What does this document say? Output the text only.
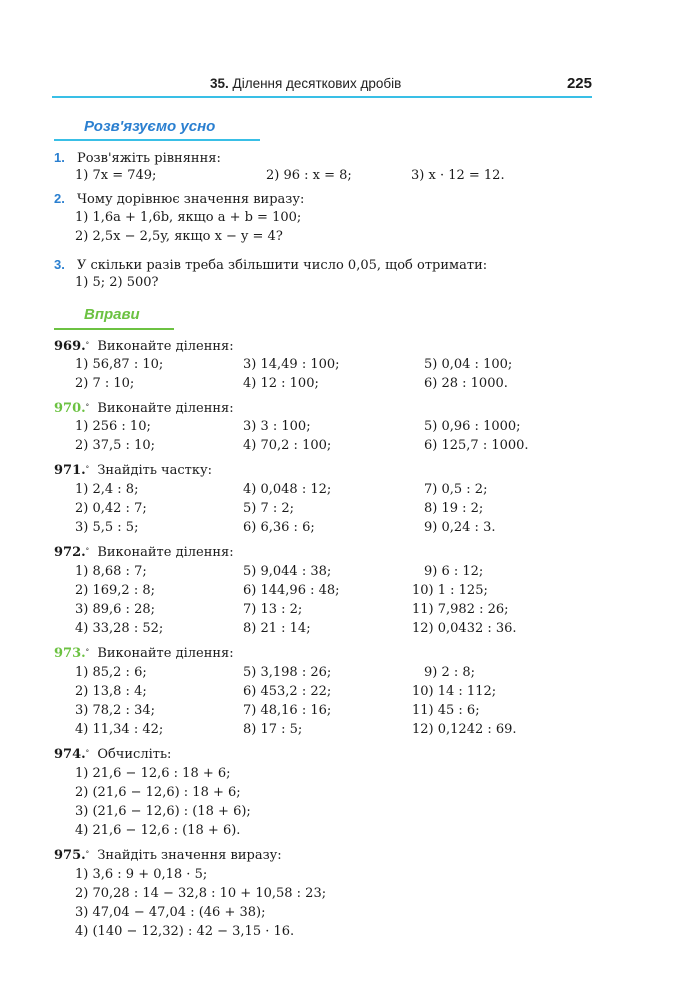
35. Ділення десяткових дробів	225
Розв'язуємо усно
1. Розв'яжіть рівняння:
1) 7x = 749;	2) 96 : x = 8;	3) x · 12 = 12.
2. Чому дорівнює значення виразу:
1) 1,6a + 1,6b, якщо a + b = 100;
2) 2,5x − 2,5y, якщо x − y = 4?
3. У скільки разів треба збільшити число 0,05, щоб отримати:
1) 5; 2) 500?
Вправи
969.° Виконайте ділення:
1) 56,87 : 10;	3) 14,49 : 100;	5) 0,04 : 100;
2) 7 : 10;	4) 12 : 100;	6) 28 : 1000.
970.° Виконайте ділення:
1) 256 : 10;	3) 3 : 100;	5) 0,96 : 1000;
2) 37,5 : 10;	4) 70,2 : 100;	6) 125,7 : 1000.
971.° Знайдіть частку:
1) 2,4 : 8;	4) 0,048 : 12;	7) 0,5 : 2;
2) 0,42 : 7;	5) 7 : 2;	8) 19 : 2;
3) 5,5 : 5;	6) 6,36 : 6;	9) 0,24 : 3.
972.° Виконайте ділення:
1) 8,68 : 7;	5) 9,044 : 38;	9) 6 : 12;
2) 169,2 : 8;	6) 144,96 : 48;	10) 1 : 125;
3) 89,6 : 28;	7) 13 : 2;	11) 7,982 : 26;
4) 33,28 : 52;	8) 21 : 14;	12) 0,0432 : 36.
973.° Виконайте ділення:
1) 85,2 : 6;	5) 3,198 : 26;	9) 2 : 8;
2) 13,8 : 4;	6) 453,2 : 22;	10) 14 : 112;
3) 78,2 : 34;	7) 48,16 : 16;	11) 45 : 6;
4) 11,34 : 42;	8) 17 : 5;	12) 0,1242 : 69.
974.° Обчисліть:
1) 21,6 − 12,6 : 18 + 6;
2) (21,6 − 12,6) : 18 + 6;
3) (21,6 − 12,6) : (18 + 6);
4) 21,6 − 12,6 : (18 + 6).
975.° Знайдіть значення виразу:
1) 3,6 : 9 + 0,18 · 5;
2) 70,28 : 14 − 32,8 : 10 + 10,58 : 23;
3) 47,04 − 47,04 : (46 + 38);
4) (140 − 12,32) : 42 − 3,15 · 16.
